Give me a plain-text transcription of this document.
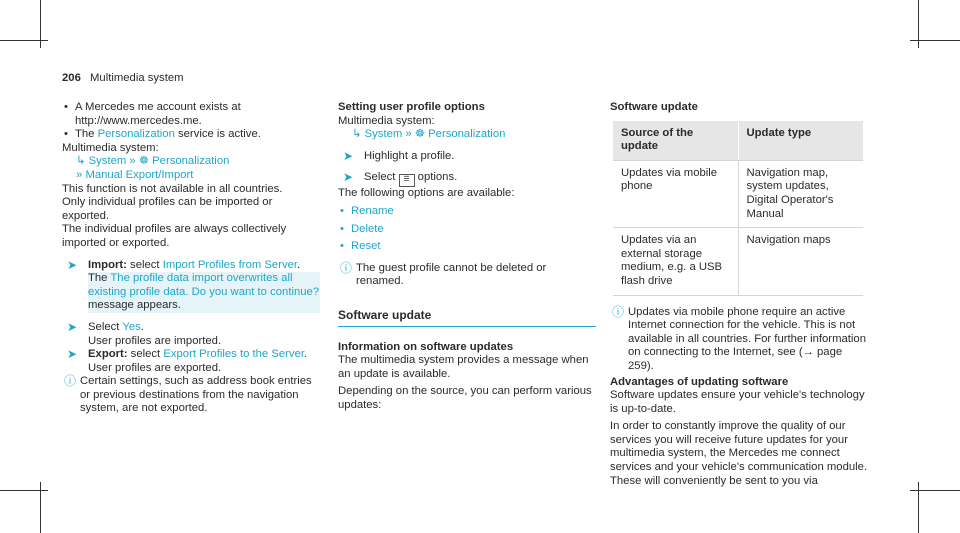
206 Multimedia system
• A Mercedes me account exists at http://www.mercedes.me.
• The Personalization service is active.
Multimedia system:
↳ System » ☸ Personalization
» Manual Export/Import
This function is not available in all countries.
Only individual profiles can be imported or exported.
The individual profiles are always collectively imported or exported.
➤ Import: select Import Profiles from Server.
The The profile data import overwrites all existing profile data. Do you want to continue? message appears.
➤ Select Yes.
User profiles are imported.
➤ Export: select Export Profiles to the Server.
User profiles are exported.
ⓘ Certain settings, such as address book entries or previous destinations from the navigation system, are not exported.
Setting user profile options
Multimedia system:
↳ System » ☸ Personalization
➤ Highlight a profile.
➤ Select ☰ options.
The following options are available:
• Rename
• Delete
• Reset
ⓘ The guest profile cannot be deleted or renamed.
Software update
Information on software updates
The multimedia system provides a message when an update is available.
Depending on the source, you can perform various updates:
Software update
Source of the update	Update type
Updates via mobile phone	Navigation map, system updates, Digital Operator's Manual
Updates via an external storage medium, e.g. a USB flash drive	Navigation maps
ⓘ Updates via mobile phone require an active Internet connection for the vehicle. This is not available in all countries. For further information on connecting to the Internet, see (→ page 259).
Advantages of updating software
Software updates ensure your vehicle's technology is up-to-date.
In order to constantly improve the quality of our services you will receive future updates for your multimedia system, the Mercedes me connect services and your vehicle's communication module. These will conveniently be sent to you via
